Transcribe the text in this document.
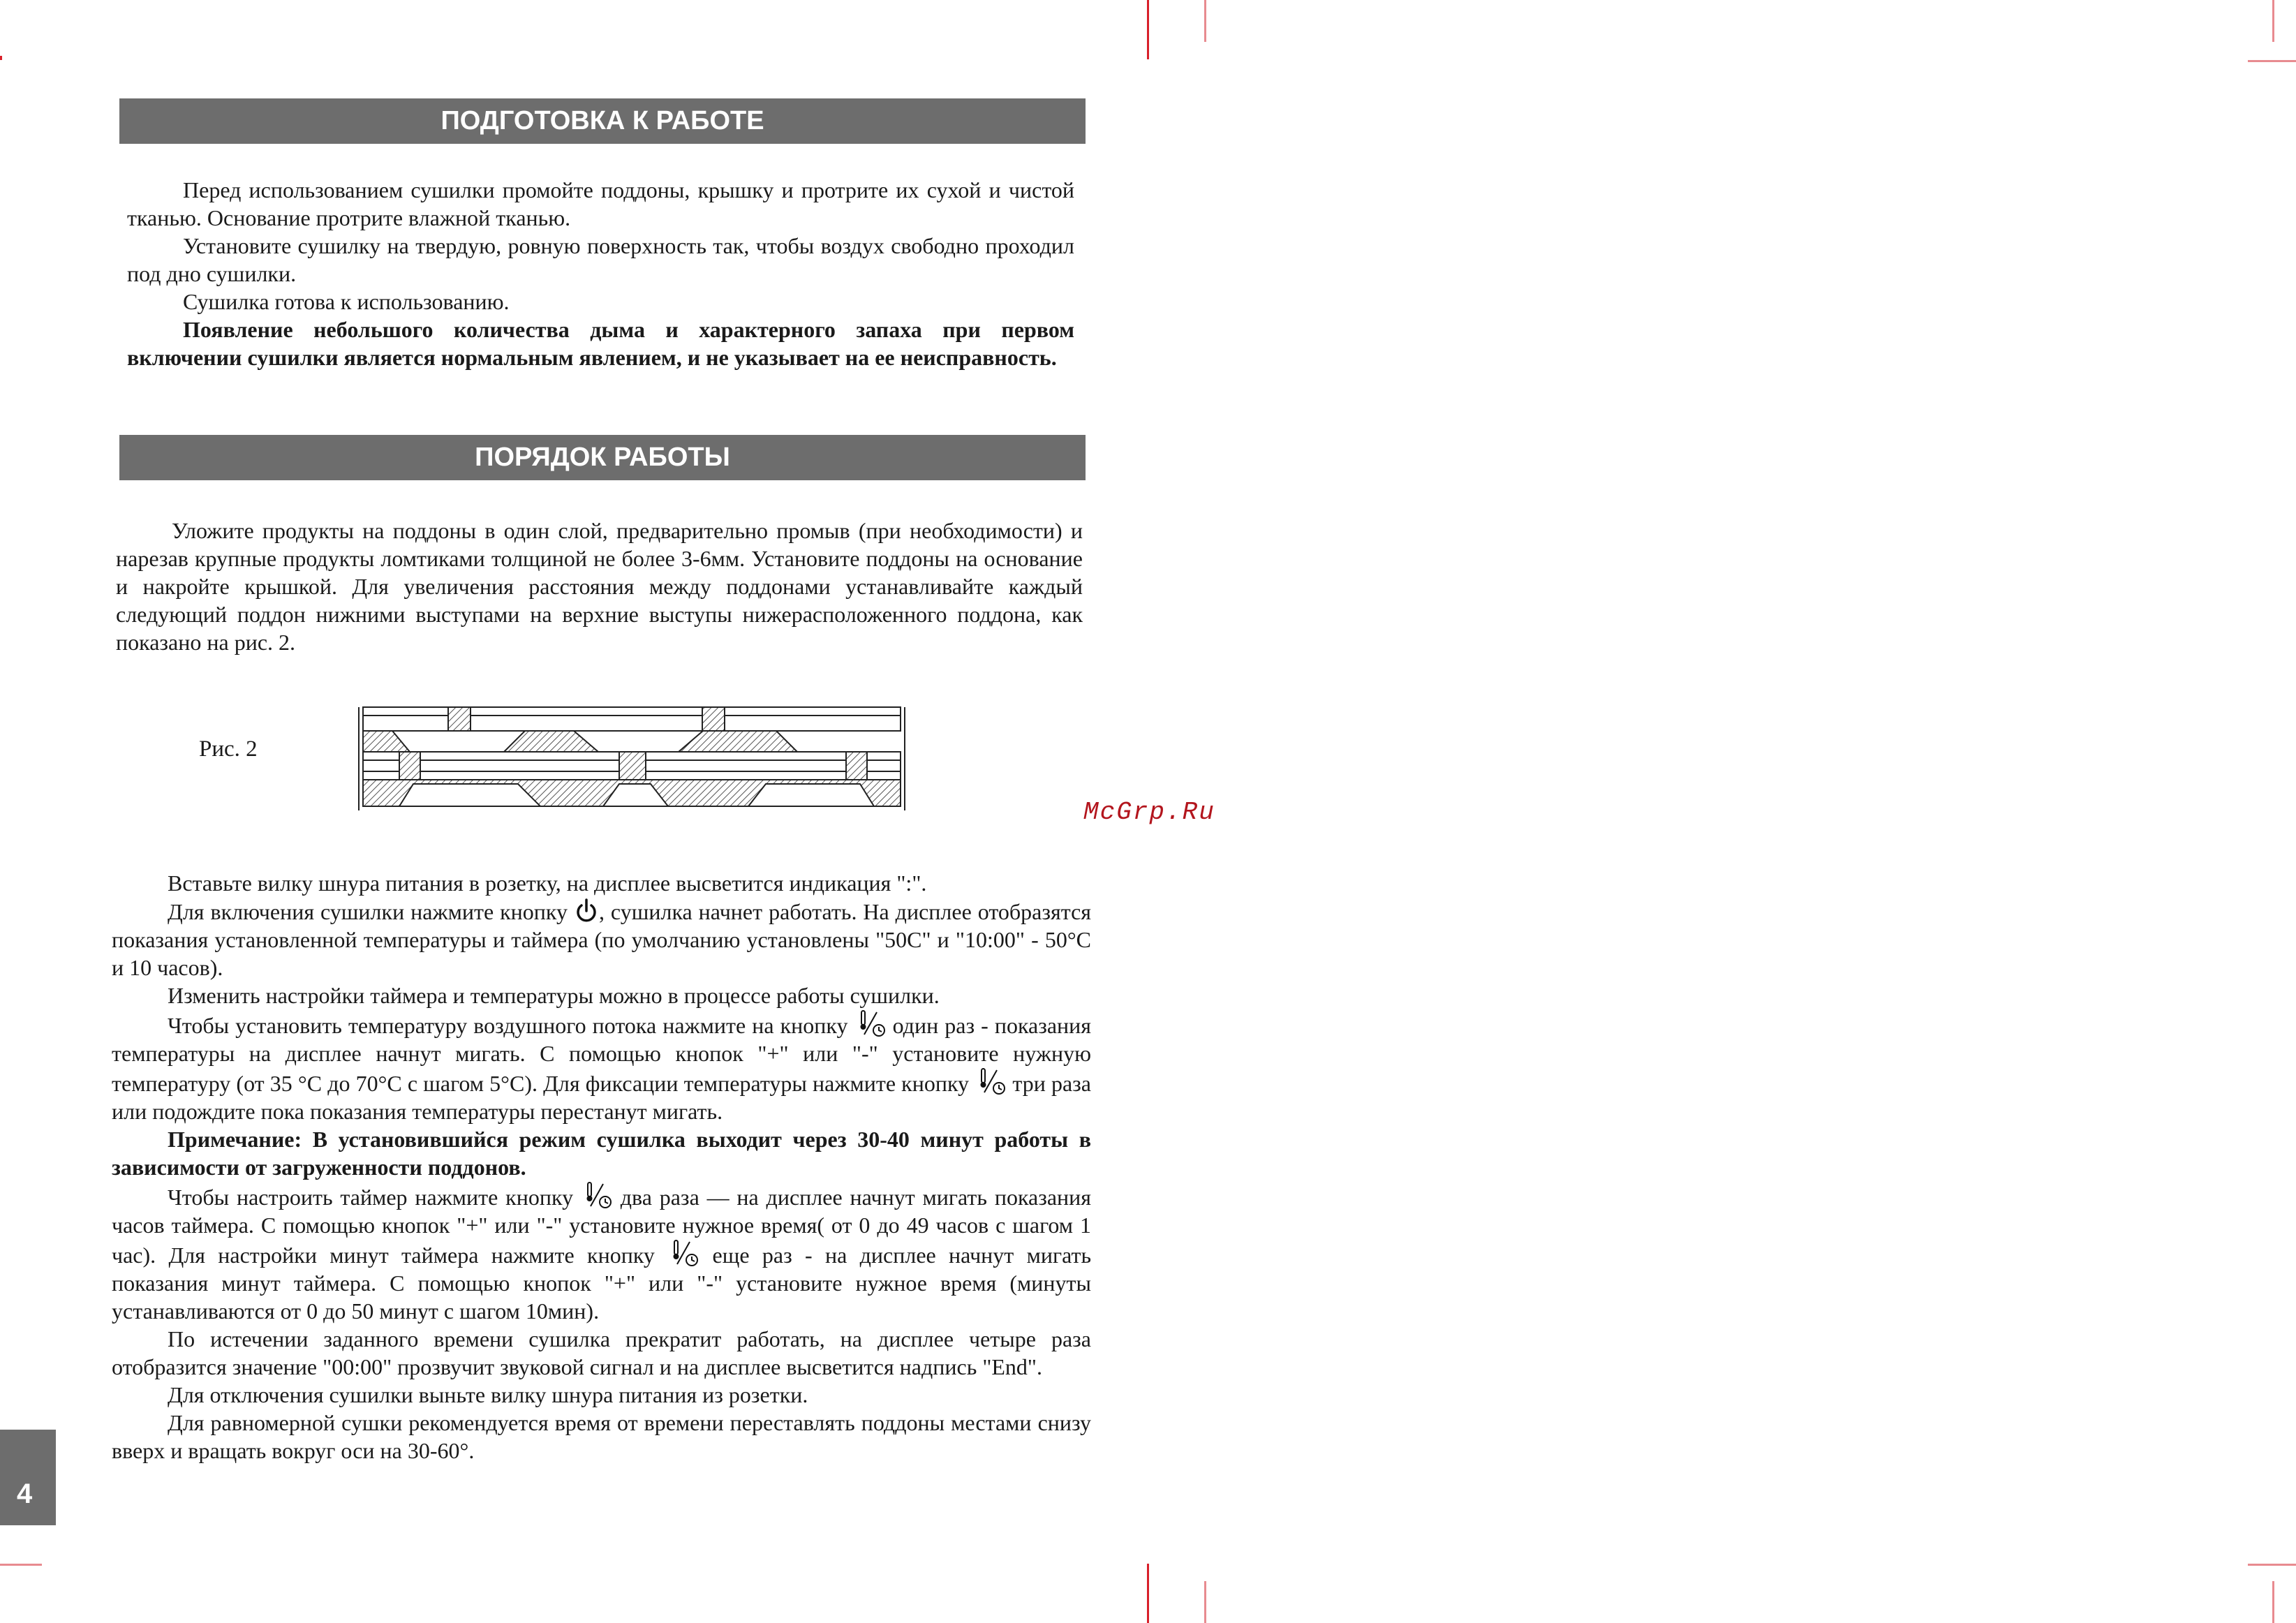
ПОДГОТОВКА К РАБОТЕ

Перед использованием сушилки промойте поддоны, крышку и протрите их сухой и чистой тканью. Основание протрите влажной тканью.

Установите сушилку на твердую, ровную поверхность так, чтобы воздух свободно проходил под дно сушилки.

Сушилка готова к использованию.

Появление небольшого количества дыма и характерного запаха при первом включении сушилки является нормальным явлением, и не указывает на ее неисправность.

ПОРЯДОК РАБОТЫ

Уложите продукты на поддоны в один слой, предварительно промыв (при необходимости) и нарезав крупные продукты ломтиками толщиной не более 3-6мм. Установите поддоны на основание и накройте крышкой. Для увеличения расстояния между поддонами устанавливайте каждый следующий поддон нижними выступами на верхние выступы нижерасположенного поддона, как показано на рис. 2.

Рис. 2
McGrp.Ru

Вставьте вилку шнура питания в розетку, на дисплее высветится индикация ":".

Для включения сушилки нажмите кнопку , сушилка начнет работать. На дисплее отобразятся показания установленной температуры и таймера (по умолчанию установлены "50C" и "10:00" - 50°C и 10 часов).

Изменить настройки таймера и температуры можно в процессе работы сушилки.

Чтобы установить температуру воздушного потока нажмите на кнопку один раз - показания температуры на дисплее начнут мигать. С помощью кнопок "+" или "-" установите нужную температуру (от 35 °С до 70°С с шагом 5°С). Для фиксации температуры нажмите кнопку три раза или подождите пока показания температуры перестанут мигать.

Примечание: В установившийся режим сушилка выходит через 30-40 минут работы в зависимости от загруженности поддонов.

Чтобы настроить таймер нажмите кнопку два раза — на дисплее начнут мигать показания часов таймера. С помощью кнопок "+" или "-" установите нужное время( от 0 до 49 часов с шагом 1 час). Для настройки минут таймера нажмите кнопку	еще раз - на дисплее начнут мигать показания минут таймера. С помощью кнопок "+" или "-" установите нужное время (минуты устанавливаются от 0 до 50 минут с шагом 10мин).

По истечении заданного времени сушилка прекратит работать, на дисплее четыре раза отобразится значение "00:00" прозвучит звуковой сигнал и на дисплее высветится надпись "End".

Для отключения сушилки выньте вилку шнура питания из розетки.

Для равномерной сушки рекомендуется время от времени переставлять поддоны местами снизу вверх и вращать вокруг оси на 30-60°.

4
